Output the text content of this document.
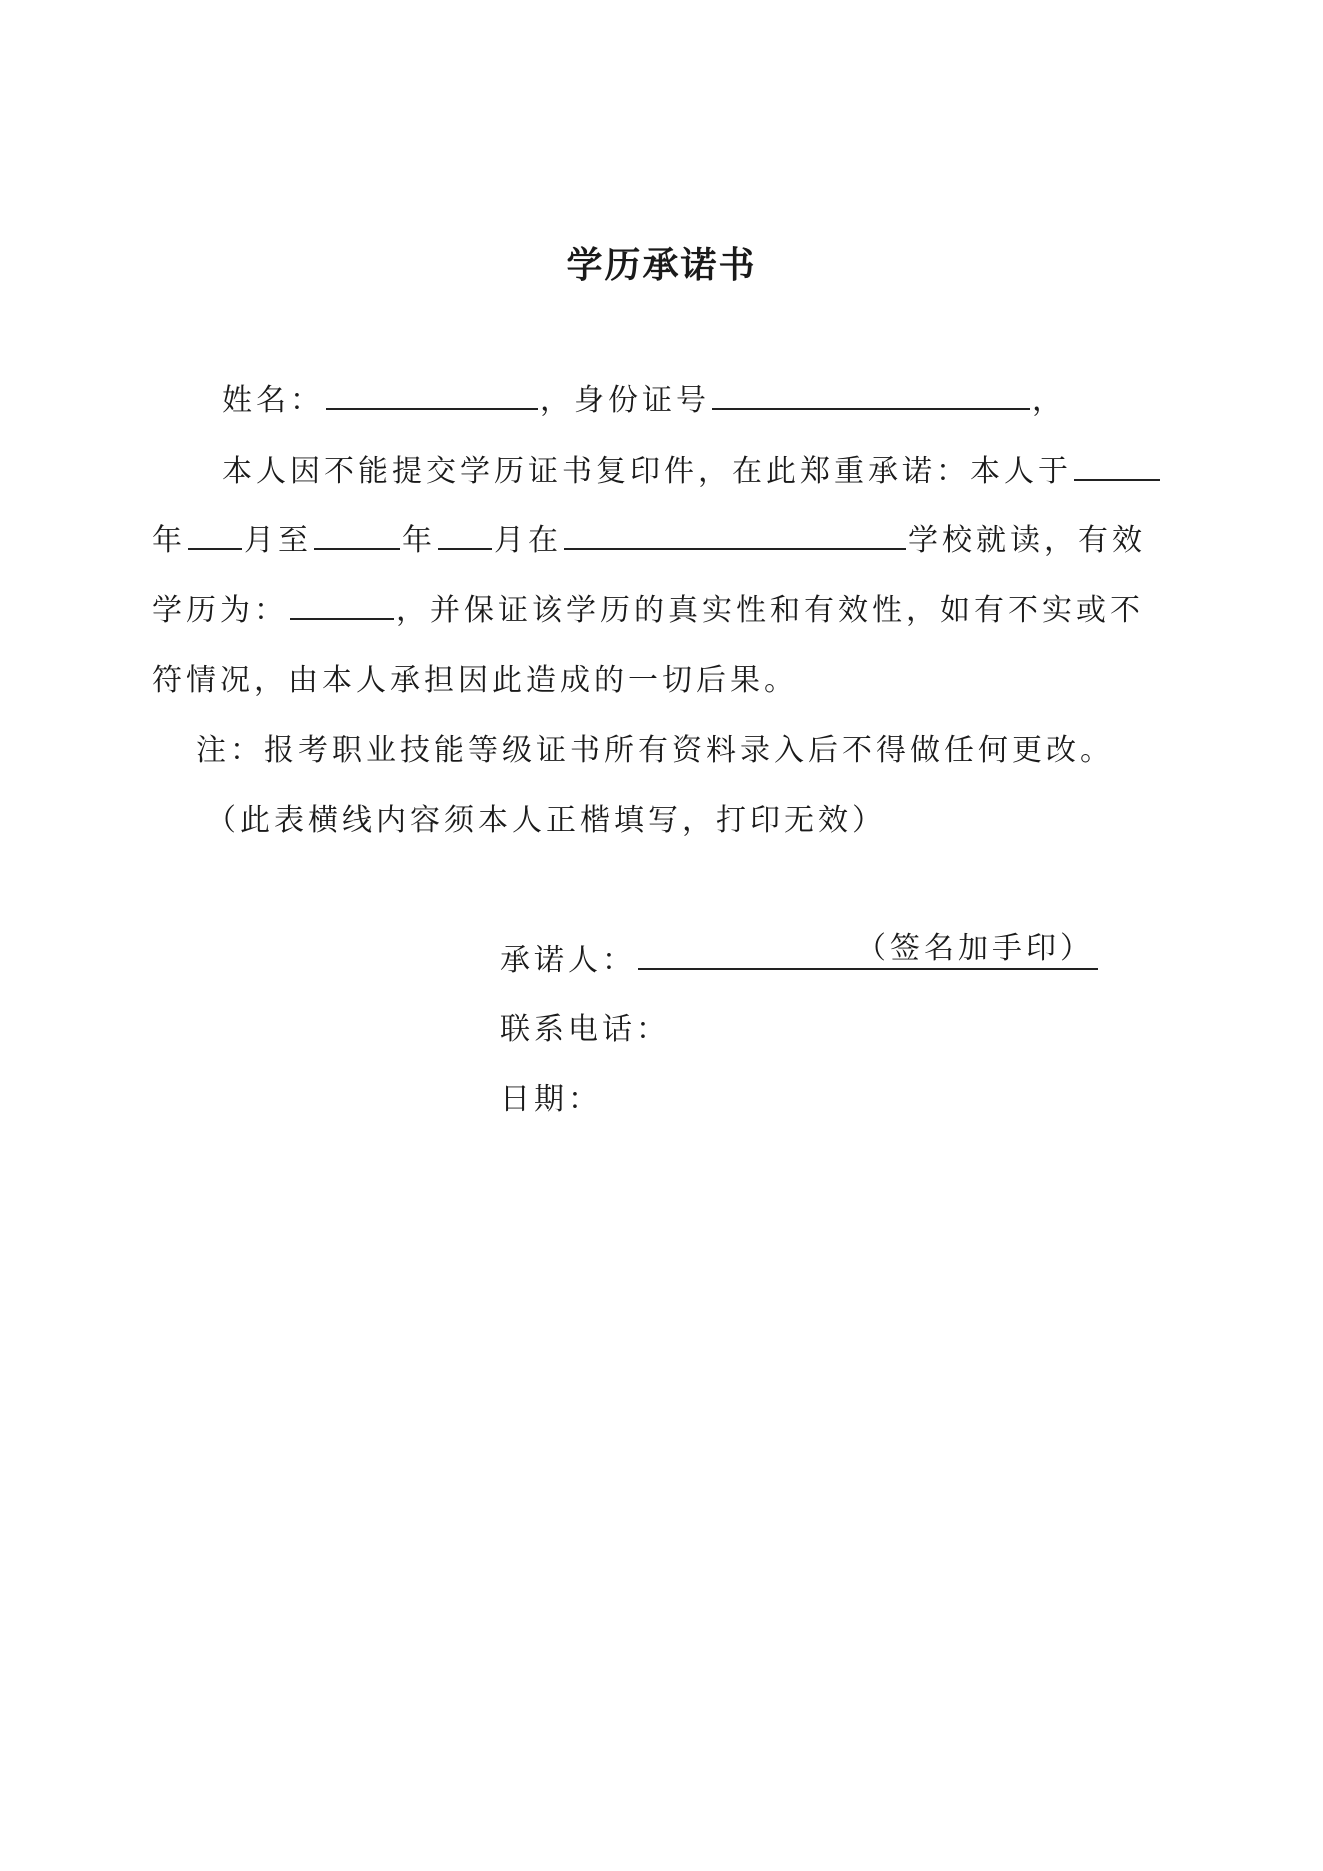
学历承诺书
姓名：	，身份证号	，
本人因不能提交学历证书复印件，在此郑重承诺：本人于
年 月至	年 月在	学校就读，有效
学历为：	，并保证该学历的真实性和有效性，如有不实或不
符情况，由本人承担因此造成的一切后果。
注：报考职业技能等级证书所有资料录入后不得做任何更改。
（此表横线内容须本人正楷填写，打印无效）
承诺人：	（签名加手印）
联系电话：
日期：
